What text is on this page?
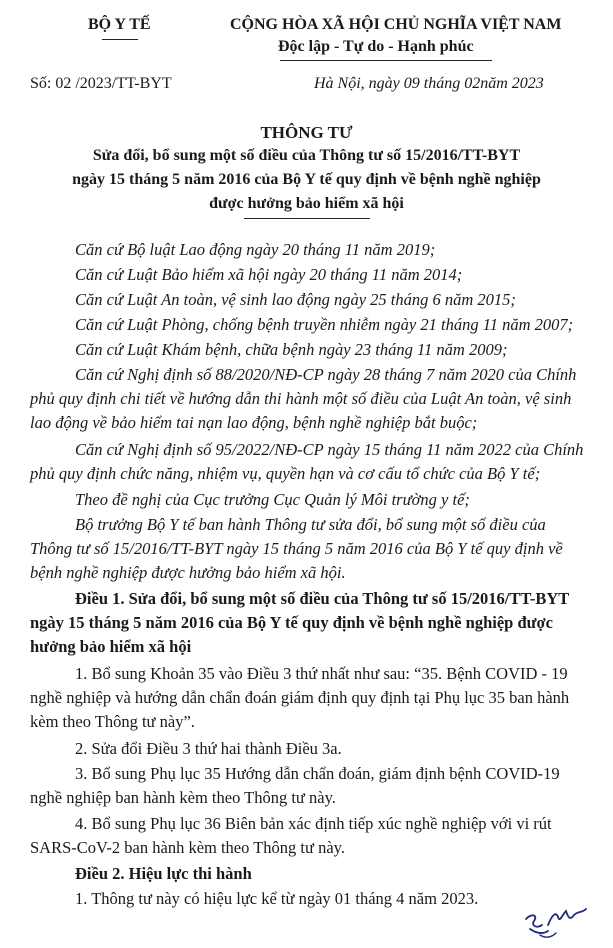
BỘ Y TẾ	CỘNG HÒA XÃ HỘI CHỦ NGHĨA VIỆT NAM
Độc lập - Tự do - Hạnh phúc
Số: 02 /2023/TT-BYT	Hà Nội, ngày 09 tháng 02năm 2023
THÔNG TƯ
Sửa đổi, bổ sung một số điều của Thông tư số 15/2016/TT-BYT
ngày 15 tháng 5 năm 2016 của Bộ Y tế quy định về bệnh nghề nghiệp
được hưởng bảo hiểm xã hội
Căn cứ Bộ luật Lao động ngày 20 tháng 11 năm 2019;
Căn cứ Luật Bảo hiểm xã hội ngày 20 tháng 11 năm 2014;
Căn cứ Luật An toàn, vệ sinh lao động ngày 25 tháng 6 năm 2015;
Căn cứ Luật Phòng, chống bệnh truyền nhiễm ngày 21 tháng 11 năm 2007;
Căn cứ Luật Khám bệnh, chữa bệnh ngày 23 tháng 11 năm 2009;
Căn cứ Nghị định số 88/2020/NĐ-CP ngày 28 tháng 7 năm 2020 của Chính
phủ quy định chi tiết về hướng dẫn thi hành một số điều của Luật An toàn, vệ sinh
lao động về bảo hiểm tai nạn lao động, bệnh nghề nghiệp bắt buộc;
Căn cứ Nghị định số 95/2022/NĐ-CP ngày 15 tháng 11 năm 2022 của Chính
phủ quy định chức năng, nhiệm vụ, quyền hạn và cơ cấu tổ chức của Bộ Y tế;
Theo đề nghị của Cục trưởng Cục Quản lý Môi trường y tế;
Bộ trưởng Bộ Y tế ban hành Thông tư sửa đổi, bổ sung một số điều của
Thông tư số 15/2016/TT-BYT ngày 15 tháng 5 năm 2016 của Bộ Y tế quy định về
bệnh nghề nghiệp được hưởng bảo hiểm xã hội.
Điều 1. Sửa đổi, bổ sung một số điều của Thông tư số 15/2016/TT-BYT
ngày 15 tháng 5 năm 2016 của Bộ Y tế quy định về bệnh nghề nghiệp được
hưởng bảo hiểm xã hội
1. Bổ sung Khoản 35 vào Điều 3 thứ nhất như sau: “35. Bệnh COVID - 19
nghề nghiệp và hướng dẫn chẩn đoán giám định quy định tại Phụ lục 35 ban hành
kèm theo Thông tư này”.
2. Sửa đổi Điều 3 thứ hai thành Điều 3a.
3. Bổ sung Phụ lục 35 Hướng dẫn chẩn đoán, giám định bệnh COVID-19
nghề nghiệp ban hành kèm theo Thông tư này.
4. Bổ sung Phụ lục 36 Biên bản xác định tiếp xúc nghề nghiệp với vi rút
SARS-CoV-2 ban hành kèm theo Thông tư này.
Điều 2. Hiệu lực thi hành
1. Thông tư này có hiệu lực kể từ ngày 01 tháng 4 năm 2023.
